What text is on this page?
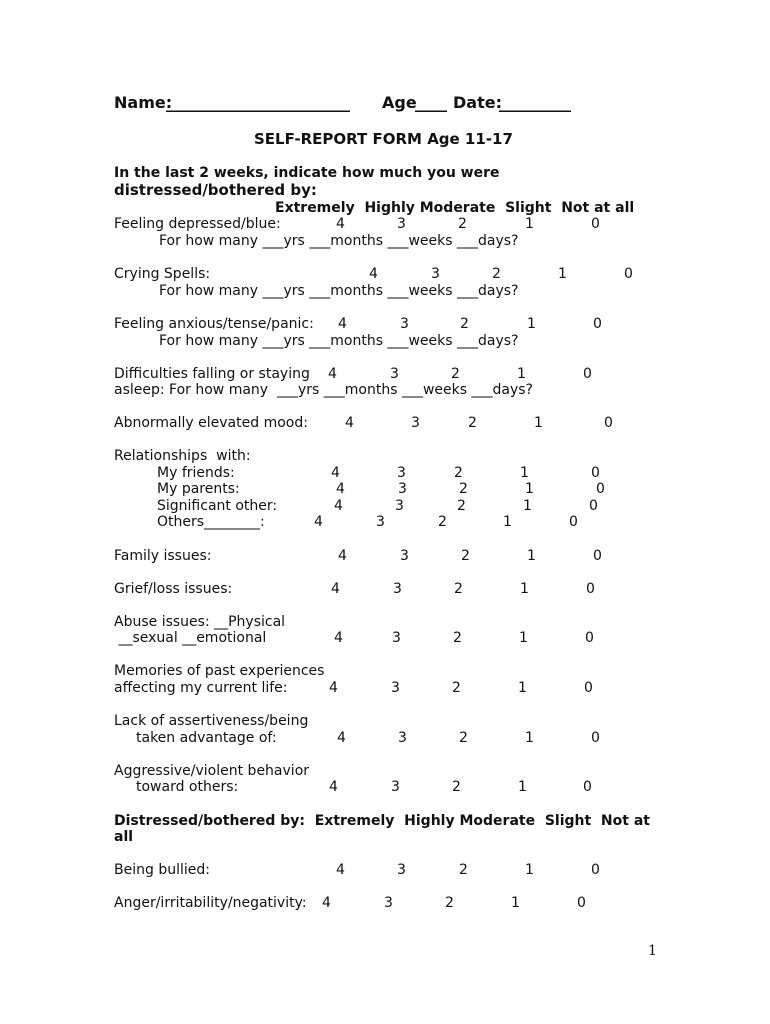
Name:
_______________________ Age
____ Date:
_________
SELF-REPORT FORM Age 11-17
In the last 2 weeks, indicate how much you were
distressed/bothered by:
Extremely  Highly Moderate  Slight  Not at all
Feeling depressed/blue:	4	3	2	1	0
For how many ___yrs ___months ___weeks ___days?
Crying Spells:	4	3	2	1	0
For how many ___yrs ___months ___weeks ___days?
Feeling anxious/tense/panic: 4	3	2	1	0
For how many ___yrs ___months ___weeks ___days?
Difficulties falling or staying 4	3	2	1	0
asleep: For how many  ___yrs ___months ___weeks ___days?
Abnormally elevated mood:	4	3	2	1	0
Relationships  with:
My friends:	4	3	2	1	0
My parents:	4	3	2	1	0
Significant other:	4	3	2	1	0
Others________:	4	3	2	1	0
Family issues:	4	3	2	1	0
Grief/loss issues:	4	3	2	1	0
Abuse issues: __Physical
__sexual __emotional	4	3	2	1	0
Memories of past experiences
affecting my current life:	4	3	2	1	0
Lack of assertiveness/being
taken advantage of:	4	3	2	1	0
Aggressive/violent behavior
toward others:	4	3	2	1	0
Distressed/bothered by:  Extremely  Highly Moderate  Slight  Not at
all
Being bullied:	4	3	2	1	0
Anger/irritability/negativity: 4	3	2	1	0
1
